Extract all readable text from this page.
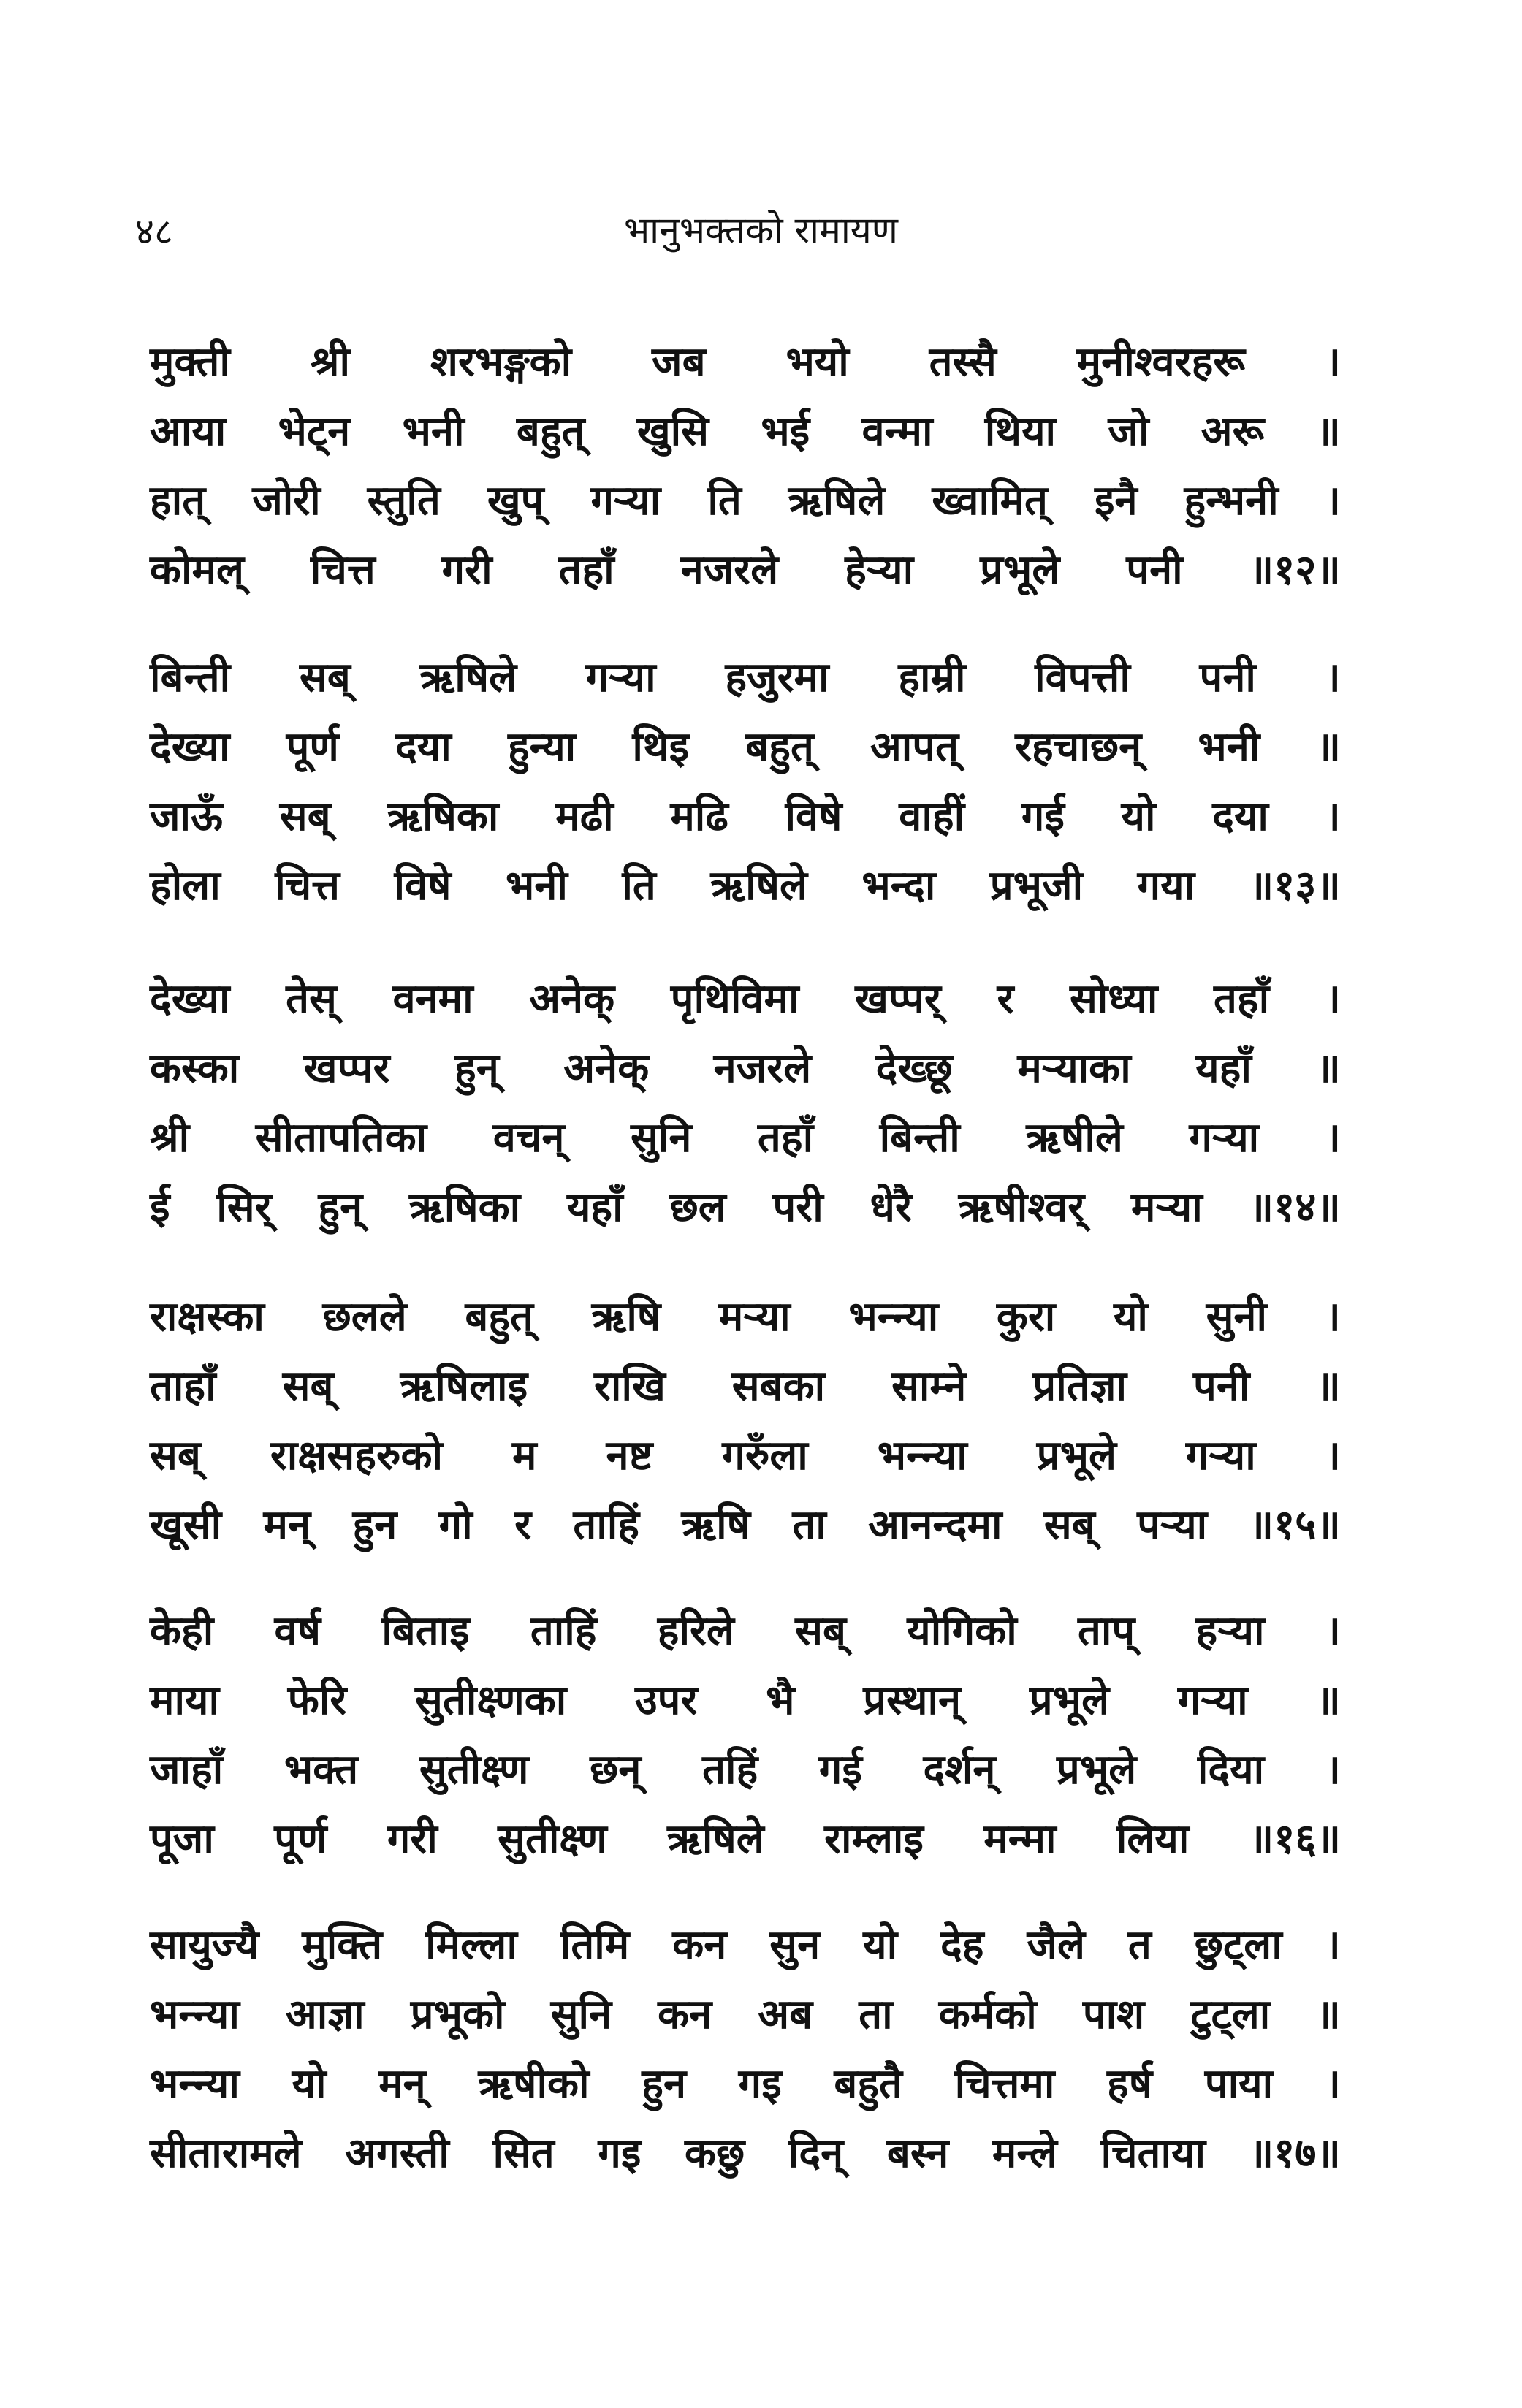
४८	भानुभक्तको रामायण
मुक्ती श्री शरभङ्गको जब भयो तस्सै मुनीश्वरहरू ।
आया भेट्न भनी बहुत् खुसि भई वन्मा थिया जो अरू ॥
हात् जोरी स्तुति खुप् गऱ्या ति ऋषिले ख्वामित् इनै हुन्भनी ।
कोमल् चित्त गरी तहाँ नजरले हेऱ्या प्रभूले पनी ॥१२॥
बिन्ती सब् ऋषिले गऱ्या हजुरमा हाम्री विपत्ती पनी ।
देख्या पूर्ण दया हुन्या थिइ बहुत् आपत् रहचाछन् भनी ॥
जाऊँ सब् ऋषिका मढी मढि विषे वाहीं गई यो दया ।
होला चित्त विषे भनी ति ऋषिले भन्दा प्रभूजी गया ॥१३॥
देख्या तेस् वनमा अनेक् पृथिविमा खप्पर् र सोध्या तहाँ ।
कस्का खप्पर हुन् अनेक् नजरले देख्छू मऱ्याका यहाँ ॥
श्री सीतापतिका वचन् सुनि तहाँ बिन्ती ऋषीले गऱ्या ।
ई सिर् हुन् ऋषिका यहाँ छल परी धेरै ऋषीश्वर् मऱ्या ॥१४॥
राक्षस्का छलले बहुत् ऋषि मऱ्या भन्न्या कुरा यो सुनी ।
ताहाँ सब् ऋषिलाइ राखि सबका साम्ने प्रतिज्ञा पनी ॥
सब् राक्षसहरुको म नष्ट गरुँला भन्न्या प्रभूले गऱ्या ।
खूसी मन् हुन गो र ताहिं ऋषि ता आनन्दमा सब् पऱ्या ॥१५॥
केही वर्ष बिताइ ताहिं हरिले सब् योगिको ताप् हऱ्या ।
माया फेरि सुतीक्ष्णका उपर भै प्रस्थान् प्रभूले गऱ्या ॥
जाहाँ भक्त सुतीक्ष्ण छन् तहिं गई दर्शन् प्रभूले दिया ।
पूजा पूर्ण गरी सुतीक्ष्ण ऋषिले राम्लाइ मन्मा लिया ॥१६॥
सायुज्यै मुक्ति मिल्ला तिमि कन सुन यो देह जैले त छुट्ला ।
भन्न्या आज्ञा प्रभूको सुनि कन अब ता कर्मको पाश टुट्ला ॥
भन्न्या यो मन् ऋषीको हुन गइ बहुतै चित्तमा हर्ष पाया ।
सीतारामले अगस्ती सित गइ कछु दिन् बस्न मन्ले चिताया ॥१७॥
